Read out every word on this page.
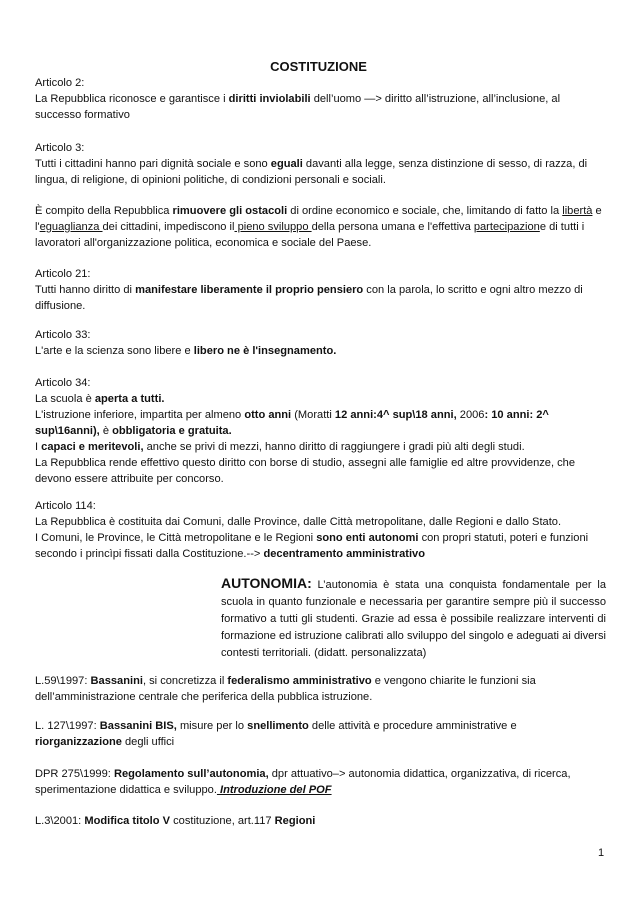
COSTITUZIONE

Articolo 2:

La Repubblica riconosce e garantisce i diritti inviolabili dell’uomo —> diritto all’istruzione, all’inclusione, al successo formativo

Articolo 3:

Tutti i cittadini hanno pari dignità sociale e sono eguali davanti alla legge, senza distinzione di sesso, di razza, di lingua, di religione, di opinioni politiche, di condizioni personali e sociali.

È compito della Repubblica rimuovere gli ostacoli di ordine economico e sociale, che, limitando di fatto la libertà e l'eguaglianza dei cittadini, impediscono il pieno sviluppo della persona umana e l'effettiva partecipazione di tutti i lavoratori all'organizzazione politica, economica e sociale del Paese.

Articolo 21:

Tutti hanno diritto di manifestare liberamente il proprio pensiero con la parola, lo scritto e ogni altro mezzo di diffusione.

Articolo 33:

L'arte e la scienza sono libere e libero ne è l'insegnamento.

Articolo 34:

La scuola è aperta a tutti.

L'istruzione inferiore, impartita per almeno otto anni (Moratti 12 anni:4^ sup\18 anni, 2006: 10 anni: 2^ sup\16anni), è obbligatoria e gratuita.

I capaci e meritevoli, anche se privi di mezzi, hanno diritto di raggiungere i gradi più alti degli studi.

La Repubblica rende effettivo questo diritto con borse di studio, assegni alle famiglie ed altre provvidenze, che devono essere attribuite per concorso.

Articolo 114:

La Repubblica è costituita dai Comuni, dalle Province, dalle Città metropolitane, dalle Regioni e dallo Stato.

I Comuni, le Province, le Città metropolitane e le Regioni sono enti autonomi con propri statuti, poteri e funzioni secondo i princìpi fissati dalla Costituzione.--> decentramento amministrativo

L.59\1997: Bassanini, si concretizza il federalismo amministrativo e vengono chiarite le funzioni sia dell’amministrazione centrale che periferica della pubblica istruzione.

L. 127\1997: Bassanini BIS, misure per lo snellimento delle attività e procedure amministrative e riorganizzazione degli uffici

DPR 275\1999: Regolamento sull’autonomia, dpr attuativo–> autonomia didattica, organizzativa, di ricerca, sperimentazione didattica e sviluppo. Introduzione del POF

L.3\2001: Modifica titolo V costituzione, art.117 Regioni

AUTONOMIA: L’autonomia è stata una conquista fondamentale per la scuola in quanto funzionale e necessaria per garantire sempre più il successo formativo a tutti gli studenti. Grazie ad essa è possibile realizzare interventi di formazione ed istruzione calibrati allo sviluppo del singolo e adeguati ai diversi contesti territoriali. (didatt. personalizzata)
1
